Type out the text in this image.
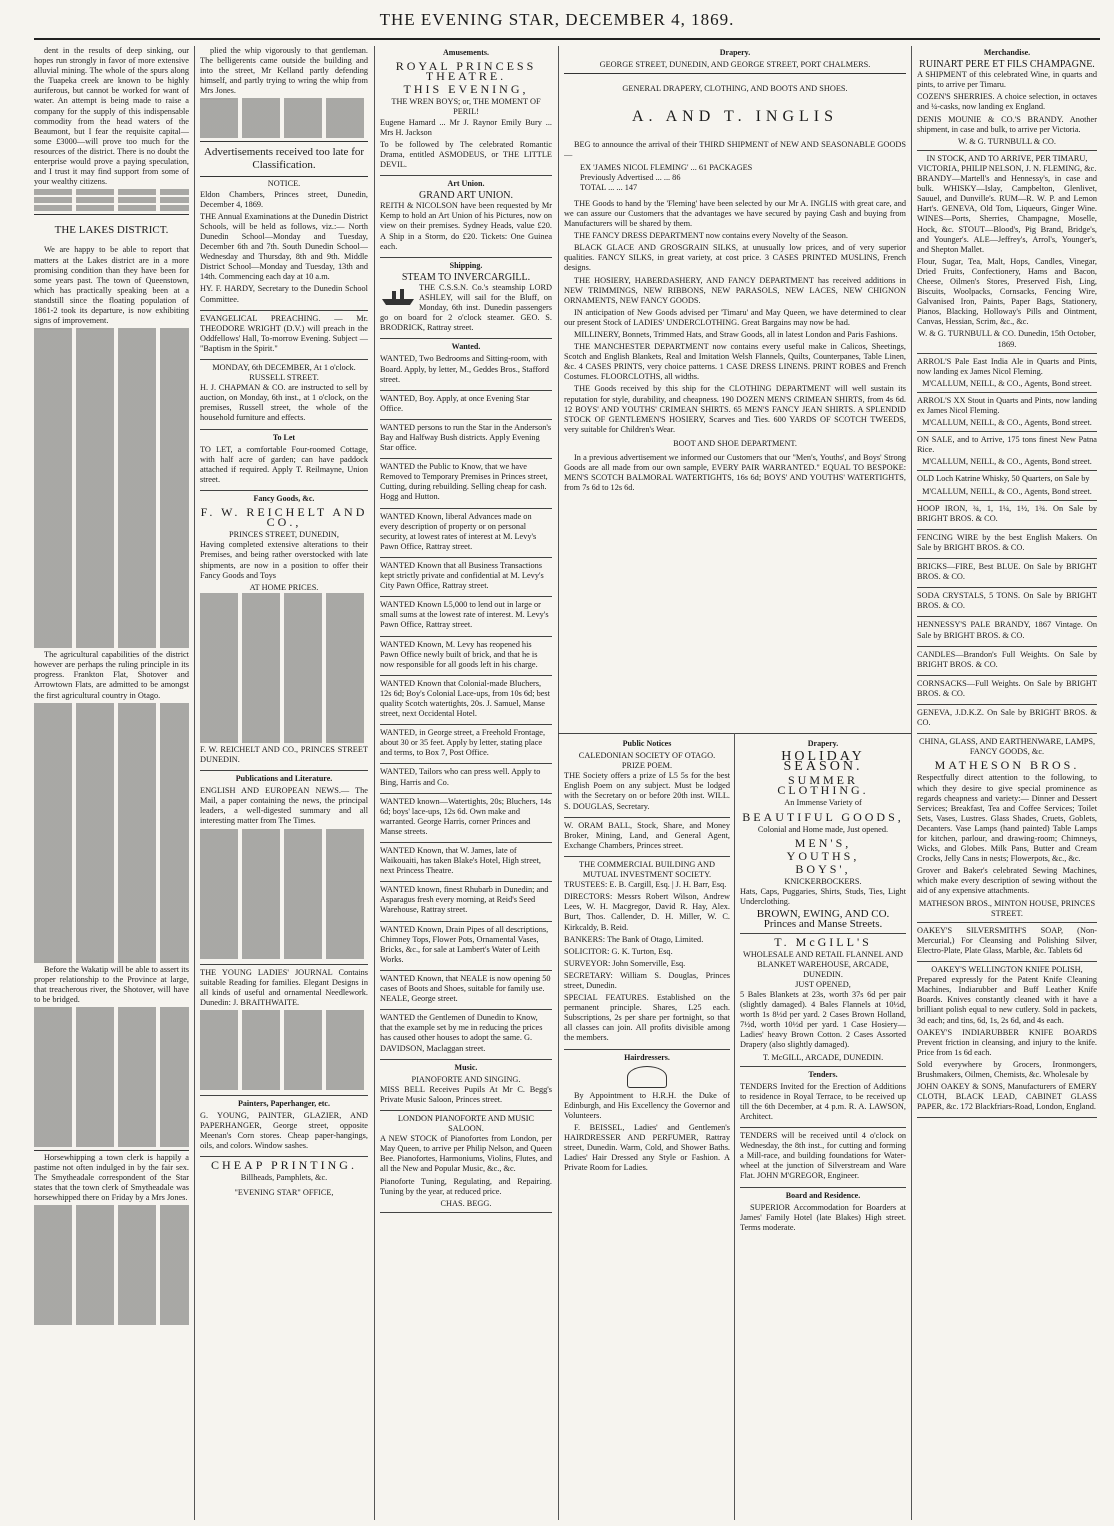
THE EVENING STAR, DECEMBER 4, 1869.

dent in the results of deep sinking, our hopes run strongly in favor of more extensive alluvial mining. The whole of the spurs along the Tuapeka creek are known to be highly auriferous, but cannot be worked for want of water. An attempt is being made to raise a company for the supply of this indispensable commodity from the head waters of the Beaumont, but I fear the requisite capital—some £3000—will prove too much for the resources of the district. There is no doubt the enterprise would prove a paying speculation, and I trust it may find support from some of your wealthy citizens.

THE LAKES DISTRICT.

We are happy to be able to report that matters at the Lakes district are in a more promising condition than they have been for some years past. The town of Queenstown, which has practically speaking been at a standstill since the floating population of 1861-2 took its departure, is now exhibiting signs of improvement.

The agricultural capabilities of the district however are perhaps the ruling principle in its progress. Frankton Flat, Shotover and Arrowtown Flats, are admitted to be amongst the first agricultural country in Otago.

Before the Wakatip will be able to assert its proper relationship to the Province at large, that treacherous river, the Shotover, will have to be bridged.

Horsewhipping a town clerk is happily a pastime not often indulged in by the fair sex. The Smytheadale correspondent of the Star states that the town clerk of Smytheadale was horsewhipped there on Friday by a Mrs Jones.

plied the whip vigorously to that gentleman. The belligerents came outside the building and into the street, Mr Kelland partly defending himself, and partly trying to wring the whip from Mrs Jones.

Advertisements received too late for Classification.
NOTICE.

Eldon Chambers, Princes street, Dunedin, December 4, 1869.

THE Annual Examinations at the Dunedin District Schools, will be held as follows, viz.:— North Dunedin School—Monday and Tuesday, December 6th and 7th. South Dunedin School—Wednesday and Thursday, 8th and 9th. Middle District School—Monday and Tuesday, 13th and 14th. Commencing each day at 10 a.m.

HY. F. HARDY, Secretary to the Dunedin School Committee.

EVANGELICAL PREACHING. — Mr. THEODORE WRIGHT (D.V.) will preach in the Oddfellows' Hall, To-morrow Evening. Subject — "Baptism in the Spirit."

MONDAY, 6th DECEMBER, At 1 o'clock.
RUSSELL STREET.

H. J. CHAPMAN & CO. are instructed to sell by auction, on Monday, 6th inst., at 1 o'clock, on the premises, Russell street, the whole of the household furniture and effects.

To Let

TO LET, a comfortable Four-roomed Cottage, with half acre of garden; can have paddock attached if required. Apply T. Reilmayne, Union street.

Fancy Goods, &c.
F. W. REICHELT AND CO.,
PRINCES STREET, DUNEDIN,

Having completed extensive alterations to their Premises, and being rather overstocked with late shipments, are now in a position to offer their Fancy Goods and Toys

AT HOME PRICES.

F. W. REICHELT AND CO., PRINCES STREET DUNEDIN.

Publications and Literature.

ENGLISH AND EUROPEAN NEWS.— The Mail, a paper containing the news, the principal leaders, a well-digested summary and all interesting matter from The Times.

THE YOUNG LADIES' JOURNAL Contains suitable Reading for families. Elegant Designs in all kinds of useful and ornamental Needlework. Dunedin: J. BRAITHWAITE.

Painters, Paperhanger, etc.

G. YOUNG, PAINTER, GLAZIER, AND PAPERHANGER, George street, opposite Meenan's Corn stores. Cheap paper-hangings, oils, and colors. Window sashes.

CHEAP PRINTING.
Billheads, Pamphlets, &c.
"EVENING STAR" OFFICE,
Amusements.
ROYAL PRINCESS THEATRE.
THIS EVENING,
THE WREN BOYS; or, THE MOMENT OF PERIL!

Eugene Hamard ... Mr J. Raynor Emily Bury ... Mrs H. Jackson

To be followed by The celebrated Romantic Drama, entitled ASMODEUS, or THE LITTLE DEVIL.

Art Union.
GRAND ART UNION.

REITH & NICOLSON have been requested by Mr Kemp to hold an Art Union of his Pictures, now on view on their premises. Sydney Heads, value £20. A Ship in a Storm, do £20. Tickets: One Guinea each.

Shipping.
STEAM TO INVERCARGILL.

THE C.S.S.N. Co.'s steamship LORD ASHLEY, will sail for the Bluff, on Monday, 6th inst. Dunedin passengers go on board for 2 o'clock steamer. GEO. S. BRODRICK, Rattray street.

Wanted.

WANTED, Two Bedrooms and Sitting-room, with Board. Apply, by letter, M., Geddes Bros., Stafford street.

WANTED, Boy. Apply, at once Evening Star Office.

WANTED persons to run the Star in the Anderson's Bay and Halfway Bush districts. Apply Evening Star office.

WANTED the Public to Know, that we have Removed to Temporary Premises in Princes street, Cutting, during rebuilding. Selling cheap for cash. Hogg and Hutton.

WANTED Known, liberal Advances made on every description of property or on personal security, at lowest rates of interest at M. Levy's Pawn Office, Rattray street.

WANTED Known that all Business Transactions kept strictly private and confidential at M. Levy's City Pawn Office, Rattray street.

WANTED Known L5,000 to lend out in large or small sums at the lowest rate of interest. M. Levy's Pawn Office, Rattray street.

WANTED Known, M. Levy has reopened his Pawn Office newly built of brick, and that he is now responsible for all goods left in his charge.

WANTED Known that Colonial-made Bluchers, 12s 6d; Boy's Colonial Lace-ups, from 10s 6d; best quality Scotch watertights, 20s. J. Samuel, Manse street, next Occidental Hotel.

WANTED, in George street, a Freehold Frontage, about 30 or 35 feet. Apply by letter, stating place and terms, to Box 7, Post Office.

WANTED, Tailors who can press well. Apply to Bing, Harris and Co.

WANTED known—Watertights, 20s; Bluchers, 14s 6d; boys' lace-ups, 12s 6d. Own make and warranted. George Harris, corner Princes and Manse streets.

WANTED Known, that W. James, late of Waikouaiti, has taken Blake's Hotel, High street, next Princess Theatre.

WANTED known, finest Rhubarb in Dunedin; and Asparagus fresh every morning, at Reid's Seed Warehouse, Rattray street.

WANTED Known, Drain Pipes of all descriptions, Chimney Tops, Flower Pots, Ornamental Vases, Bricks, &c., for sale at Lambert's Water of Leith Works.

WANTED Known, that NEALE is now opening 50 cases of Boots and Shoes, suitable for family use. NEALE, George street.

WANTED the Gentlemen of Dunedin to Know, that the example set by me in reducing the prices has caused other houses to adopt the same. G. DAVIDSON, Maclaggan street.

Music.
PIANOFORTE AND SINGING.

MISS BELL Receives Pupils At Mr C. Begg's Private Music Saloon, Princes street.

LONDON PIANOFORTE AND MUSIC SALOON.

A NEW STOCK of Pianofortes from London, per May Queen, to arrive per Philip Nelson, and Queen Bee. Pianofortes, Harmoniums, Violins, Flutes, and all the New and Popular Music, &c., &c.

Pianoforte Tuning, Regulating, and Repairing. Tuning by the year, at reduced price.

CHAS. BEGG.
Drapery.
GEORGE STREET, DUNEDIN, AND GEORGE STREET, PORT CHALMERS.
GENERAL DRAPERY, CLOTHING, AND BOOTS AND SHOES.
A. AND T. INGLIS

BEG to announce the arrival of their THIRD SHIPMENT of NEW AND SEASONABLE GOODS—

EX 'JAMES NICOL FLEMING' ... 61 PACKAGES
Previously Advertised ... ... 86
TOTAL ... ... 147

THE Goods to hand by the 'Fleming' have been selected by our Mr A. INGLIS with great care, and we can assure our Customers that the advantages we have secured by paying Cash and buying from Manufacturers will be shared by them.

THE FANCY DRESS DEPARTMENT now contains every Novelty of the Season.

BLACK GLACE AND GROSGRAIN SILKS, at unusually low prices, and of very superior qualities. FANCY SILKS, in great variety, at cost price. 3 CASES PRINTED MUSLINS, French designs.

THE HOSIERY, HABERDASHERY, AND FANCY DEPARTMENT has received additions in NEW TRIMMINGS, NEW RIBBONS, NEW PARASOLS, NEW LACES, NEW CHIGNON ORNAMENTS, NEW FANCY GOODS.

IN anticipation of New Goods advised per 'Timaru' and May Queen, we have determined to clear our present Stock of LADIES' UNDERCLOTHING. Great Bargains may now be had.

MILLINERY, Bonnets, Trimmed Hats, and Straw Goods, all in latest London and Paris Fashions.

THE MANCHESTER DEPARTMENT now contains every useful make in Calicos, Sheetings, Scotch and English Blankets, Real and Imitation Welsh Flannels, Quilts, Counterpanes, Table Linen, &c. 4 CASES PRINTS, very choice patterns. 1 CASE DRESS LINENS. PRINT ROBES and French Costumes. FLOORCLOTHS, all widths.

THE Goods received by this ship for the CLOTHING DEPARTMENT will well sustain its reputation for style, durability, and cheapness. 190 DOZEN MEN'S CRIMEAN SHIRTS, from 4s 6d. 12 BOYS' AND YOUTHS' CRIMEAN SHIRTS. 65 MEN'S FANCY JEAN SHIRTS. A SPLENDID STOCK OF GENTLEMEN'S HOSIERY, Scarves and Ties. 600 YARDS OF SCOTCH TWEEDS, very suitable for Children's Wear.

BOOT AND SHOE DEPARTMENT.

In a previous advertisement we informed our Customers that our "Men's, Youths', and Boys' Strong Goods are all made from our own sample, EVERY PAIR WARRANTED." EQUAL TO BESPOKE: MEN'S SCOTCH BALMORAL WATERTIGHTS, 16s 6d; BOYS' AND YOUTHS' WATERTIGHTS, from 7s 6d to 12s 6d.

Public Notices
CALEDONIAN SOCIETY OF OTAGO.
PRIZE POEM.

THE Society offers a prize of L5 5s for the best English Poem on any subject. Must be lodged with the Secretary on or before 20th inst. WILL. S. DOUGLAS, Secretary.

W. ORAM BALL, Stock, Share, and Money Broker, Mining, Land, and General Agent, Exchange Chambers, Princes street.

THE COMMERCIAL BUILDING AND MUTUAL INVESTMENT SOCIETY.

TRUSTEES: E. B. Cargill, Esq. | J. H. Barr, Esq.

DIRECTORS: Messrs Robert Wilson, Andrew Lees, W. H. Macgregor, David R. Hay, Alex. Burt, Thos. Callender, D. H. Miller, W. C. Kirkcaldy, B. Reid.

BANKERS: The Bank of Otago, Limited.

SOLICITOR: G. K. Turton, Esq.

SURVEYOR: John Somerville, Esq.

SECRETARY: William S. Douglas, Princes street, Dunedin.

SPECIAL FEATURES. Established on the permanent principle. Shares, L25 each. Subscriptions, 2s per share per fortnight, so that all classes can join. All profits divisible among the members.

Hairdressers.

By Appointment to H.R.H. the Duke of Edinburgh, and His Excellency the Governor and Volunteers.

F. BEISSEL, Ladies' and Gentlemen's HAIRDRESSER AND PERFUMER, Rattray street, Dunedin. Warm, Cold, and Shower Baths. Ladies' Hair Dressed any Style or Fashion. A Private Room for Ladies.

Drapery.
HOLIDAY SEASON.
SUMMER CLOTHING.
An Immense Variety of
BEAUTIFUL GOODS,
Colonial and Home made, Just opened.
MEN'S,
YOUTHS,
BOYS',
KNICKERBOCKERS.

Hats, Caps, Puggaries, Shirts, Studs, Ties, Light Underclothing.

BROWN, EWING, AND CO. Princes and Manse Streets.
T. McGILL'S
WHOLESALE AND RETAIL FLANNEL AND BLANKET WAREHOUSE, ARCADE, DUNEDIN.
JUST OPENED,

5 Bales Blankets at 23s, worth 37s 6d per pair (slightly damaged). 4 Bales Flannels at 10½d, worth 1s 8½d per yard. 2 Cases Brown Holland, 7½d, worth 10½d per yard. 1 Case Hosiery—Ladies' heavy Brown Cotton. 2 Cases Assorted Drapery (also slightly damaged).

T. McGILL, ARCADE, DUNEDIN.
Tenders.

TENDERS Invited for the Erection of Additions to residence in Royal Terrace, to be received up till the 6th December, at 4 p.m. R. A. LAWSON, Architect.

TENDERS will be received until 4 o'clock on Wednesday, the 8th inst., for cutting and forming a Mill-race, and building foundations for Water-wheel at the junction of Silverstream and Ware Flat. JOHN M'GREGOR, Engineer.

Board and Residence.

SUPERIOR Accommodation for Boarders at James' Family Hotel (late Blakes) High street. Terms moderate.

Merchandise.
RUINART PERE ET FILS CHAMPAGNE.

A SHIPMENT of this celebrated Wine, in quarts and pints, to arrive per Timaru.

COZEN'S SHERRIES. A choice selection, in octaves and ¼-casks, now landing ex England.

DENIS MOUNIE & CO.'S BRANDY. Another shipment, in case and bulk, to arrive per Victoria.

W. & G. TURNBULL & CO.
IN STOCK, AND TO ARRIVE, PER TIMARU, VICTORIA, PHILIP NELSON, J. N. FLEMING, &c.

BRANDY—Martell's and Hennessy's, in case and bulk. WHISKY—Islay, Campbelton, Glenlivet, Sauuel, and Dunville's. RUM—R. W. P. and Lemon Hart's. GENEVA, Old Tom, Liqueurs, Ginger Wine. WINES—Ports, Sherries, Champagne, Moselle, Hock, &c. STOUT—Blood's, Pig Brand, Bridge's, and Younger's. ALE—Jeffrey's, Arrol's, Younger's, and Shepton Mallet.

Flour, Sugar, Tea, Malt, Hops, Candles, Vinegar, Dried Fruits, Confectionery, Hams and Bacon, Cheese, Oilmen's Stores, Preserved Fish, Ling, Biscuits, Woolpacks, Cornsacks, Fencing Wire, Galvanised Iron, Paints, Paper Bags, Stationery, Pianos, Blacking, Holloway's Pills and Ointment, Canvas, Hessian, Scrim, &c., &c.

W. & G. TURNBULL & CO. Dunedin, 15th October, 1869.

ARROL'S Pale East India Ale in Quarts and Pints, now landing ex James Nicol Fleming.

M'CALLUM, NEILL, & CO., Agents, Bond street.

ARROL'S XX Stout in Quarts and Pints, now landing ex James Nicol Fleming.

M'CALLUM, NEILL, & CO., Agents, Bond street.

ON SALE, and to Arrive, 175 tons finest New Patna Rice.

M'CALLUM, NEILL, & CO., Agents, Bond street.

OLD Loch Katrine Whisky, 50 Quarters, on Sale by

M'CALLUM, NEILL, & CO., Agents, Bond street.

HOOP IRON, ¾, 1, 1¼, 1½, 1¾. On Sale by BRIGHT BROS. & CO.

FENCING WIRE by the best English Makers. On Sale by BRIGHT BROS. & CO.

BRICKS—FIRE, Best BLUE. On Sale by BRIGHT BROS. & CO.

SODA CRYSTALS, 5 TONS. On Sale by BRIGHT BROS. & CO.

HENNESSY'S PALE BRANDY, 1867 Vintage. On Sale by BRIGHT BROS. & CO.

CANDLES—Brandon's Full Weights. On Sale by BRIGHT BROS. & CO.

CORNSACKS—Full Weights. On Sale by BRIGHT BROS. & CO.

GENEVA, J.D.K.Z. On Sale by BRIGHT BROS. & CO.

CHINA, GLASS, AND EARTHENWARE, LAMPS, FANCY GOODS, &c.
MATHESON BROS.

Respectfully direct attention to the following, to which they desire to give special prominence as regards cheapness and variety:— Dinner and Dessert Services; Breakfast, Tea and Coffee Services; Toilet Sets, Vases, Lustres. Glass Shades, Cruets, Goblets, Decanters. Vase Lamps (hand painted) Table Lamps for kitchen, parlour, and drawing-room; Chimneys, Wicks, and Globes. Milk Pans, Butter and Cream Crocks, Jelly Cans in nests; Flowerpots, &c., &c.

Grover and Baker's celebrated Sewing Machines, which make every description of sewing without the aid of any expensive attachments.

MATHESON BROS., MINTON HOUSE, PRINCES STREET.

OAKEY'S SILVERSMITH'S SOAP, (Non-Mercurial,) For Cleansing and Polishing Silver, Electro-Plate, Plate Glass, Marble, &c. Tablets 6d

OAKEY'S WELLINGTON KNIFE POLISH,

Prepared expressly for the Patent Knife Cleaning Machines, Indiarubber and Buff Leather Knife Boards. Knives constantly cleaned with it have a brilliant polish equal to new cutlery. Sold in packets, 3d each; and tins, 6d, 1s, 2s 6d, and 4s each.

OAKEY'S INDIARUBBER KNIFE BOARDS Prevent friction in cleansing, and injury to the knife. Price from 1s 6d each.

Sold everywhere by Grocers, Ironmongers, Brushmakers, Oilmen, Chemists, &c. Wholesale by

JOHN OAKEY & SONS, Manufacturers of EMERY CLOTH, BLACK LEAD, CABINET GLASS PAPER, &c. 172 Blackfriars-Road, London, England.
